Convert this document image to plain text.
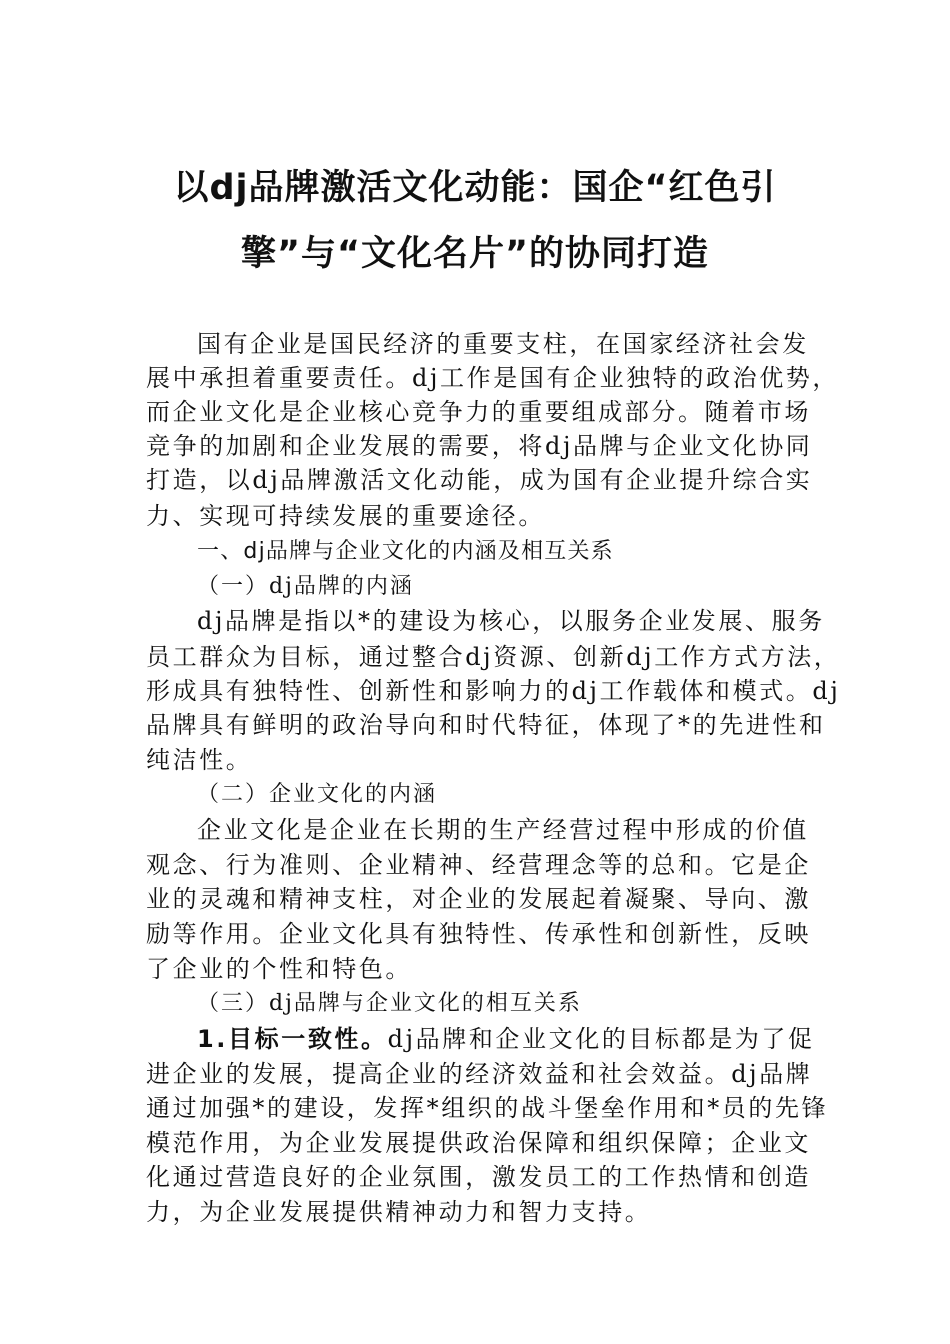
以dj品牌激活文化动能：国企“红色引
擎”与“文化名片”的协同打造
国有企业是国民经济的重要支柱，在国家经济社会发
展中承担着重要责任。dj工作是国有企业独特的政治优势，
而企业文化是企业核心竞争力的重要组成部分。随着市场
竞争的加剧和企业发展的需要，将dj品牌与企业文化协同
打造，以dj品牌激活文化动能，成为国有企业提升综合实
力、实现可持续发展的重要途径。
一、dj品牌与企业文化的内涵及相互关系
（一）dj品牌的内涵
dj品牌是指以*的建设为核心，以服务企业发展、服务
员工群众为目标，通过整合dj资源、创新dj工作方式方法，
形成具有独特性、创新性和影响力的dj工作载体和模式。dj
品牌具有鲜明的政治导向和时代特征，体现了*的先进性和
纯洁性。
（二）企业文化的内涵
企业文化是企业在长期的生产经营过程中形成的价值
观念、行为准则、企业精神、经营理念等的总和。它是企
业的灵魂和精神支柱，对企业的发展起着凝聚、导向、激
励等作用。企业文化具有独特性、传承性和创新性，反映
了企业的个性和特色。
（三）dj品牌与企业文化的相互关系
1.目标一致性。dj品牌和企业文化的目标都是为了促
进企业的发展，提高企业的经济效益和社会效益。dj品牌
通过加强*的建设，发挥*组织的战斗堡垒作用和*员的先锋
模范作用，为企业发展提供政治保障和组织保障；企业文
化通过营造良好的企业氛围，激发员工的工作热情和创造
力，为企业发展提供精神动力和智力支持。
